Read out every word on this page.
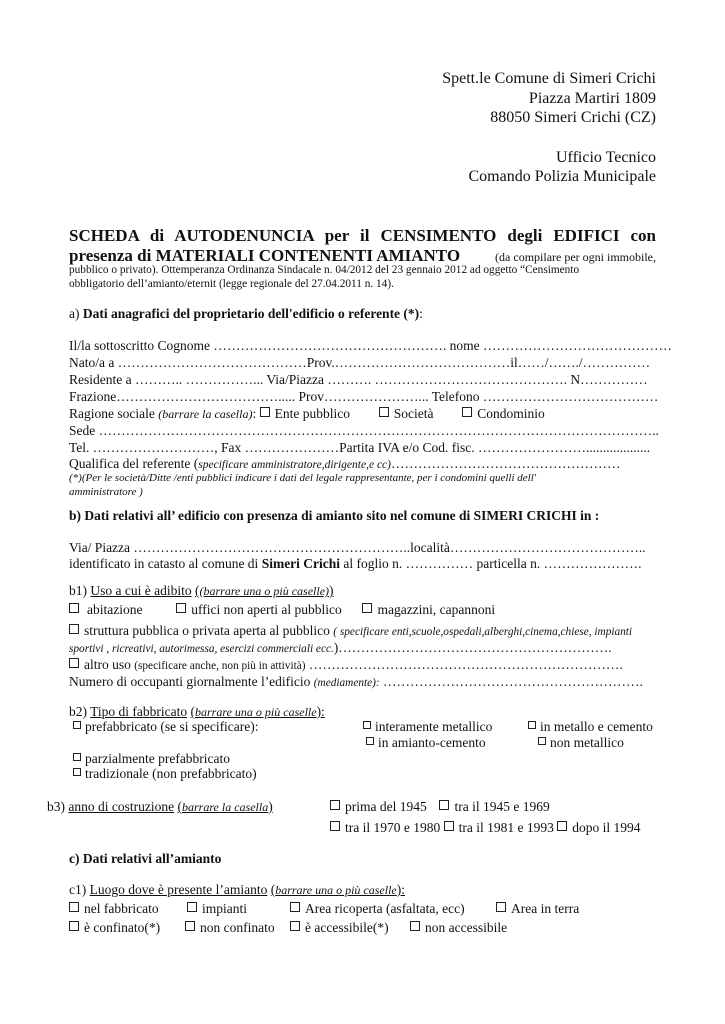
Spett.le Comune di Simeri Crichi
Piazza Martiri 1809
88050 Simeri Crichi (CZ)
Ufficio Tecnico
Comando Polizia Municipale
SCHEDA di AUTODENUNCIA per il CENSIMENTO degli EDIFICI con
presenza di MATERIALI CONTENENTI AMIANTO	(da compilare per ogni immobile,
pubblico o privato). Ottemperanza Ordinanza Sindacale n. 04/2012 del 23 gennaio 2012 ad oggetto “Censimento
obbligatorio dell’amianto/eternit (legge regionale del 27.04.2011 n. 14).
a) Dati anagrafici del proprietario dell'edificio o referente (*):
Il/la sottoscritto Cognome ……………………………………………. nome ……………………………………
Nato/a a ……………………………………Prov.…………………………………il……/……./……………
Residente a ……….. ……………... Via/Piazza ………. ……………………………………. N……………
Frazione………………………………..... Prov…………………... Telefono …………………………………
Ragione sociale (barrare la casella): Ente pubblico	Società	Condominio
Sede ……………………………………………………………………………………………………………..
Tel. ………………………, Fax …………………Partita IVA e/o Cod. fisc. ……………………...................
Qualifica del referente (specificare amministratore,dirigente,e cc)……………………………………………
(*)(Per le società/Ditte /enti pubblici indicare i dati del legale rappresentante, per i condomini quelli dell'
amministratore )
b) Dati relativi all’ edificio con presenza di amianto sito nel comune di SIMERI CRICHI in :
Via/ Piazza ……………………………………………………..località……………………………………..
identificato in catasto al comune di Simeri Crichi al foglio n. …………… particella n. ………………….
b1) Uso a cui è adibito ((barrare una o più caselle))
abitazione	uffici non aperti al pubblico	magazzini, capannoni
struttura pubblica o privata aperta al pubblico ( specificare enti,scuole,ospedali,alberghi,cinema,chiese, impianti
sportivi , ricreativi, autorimessa, esercizi commerciali ecc.)…………………………………………………….
altro uso (specificare anche, non più in attività) …………………………………………………………….
Numero di occupanti giornalmente l’edificio (mediamente): ………………………………………………….
b2) Tipo di fabbricato (barrare una o più caselle):
prefabbricato (se si specificare):	interamente metallico	in metallo e cemento
in amianto-cemento	non metallico
parzialmente prefabbricato
tradizionale (non prefabbricato)
b3) anno di costruzione (barrare la casella)	prima del 1945 tra il 1945 e 1969
tra il 1970 e 1980 tra il 1981 e 1993 dopo il 1994
c) Dati relativi all’amianto
c1) Luogo dove è presente l’amianto (barrare una o più caselle):
nel fabbricato	impianti	Area ricoperta (asfaltata, ecc)	Area in terra
è confinato(*)	non confinato	è accessibile(*)	non accessibile
